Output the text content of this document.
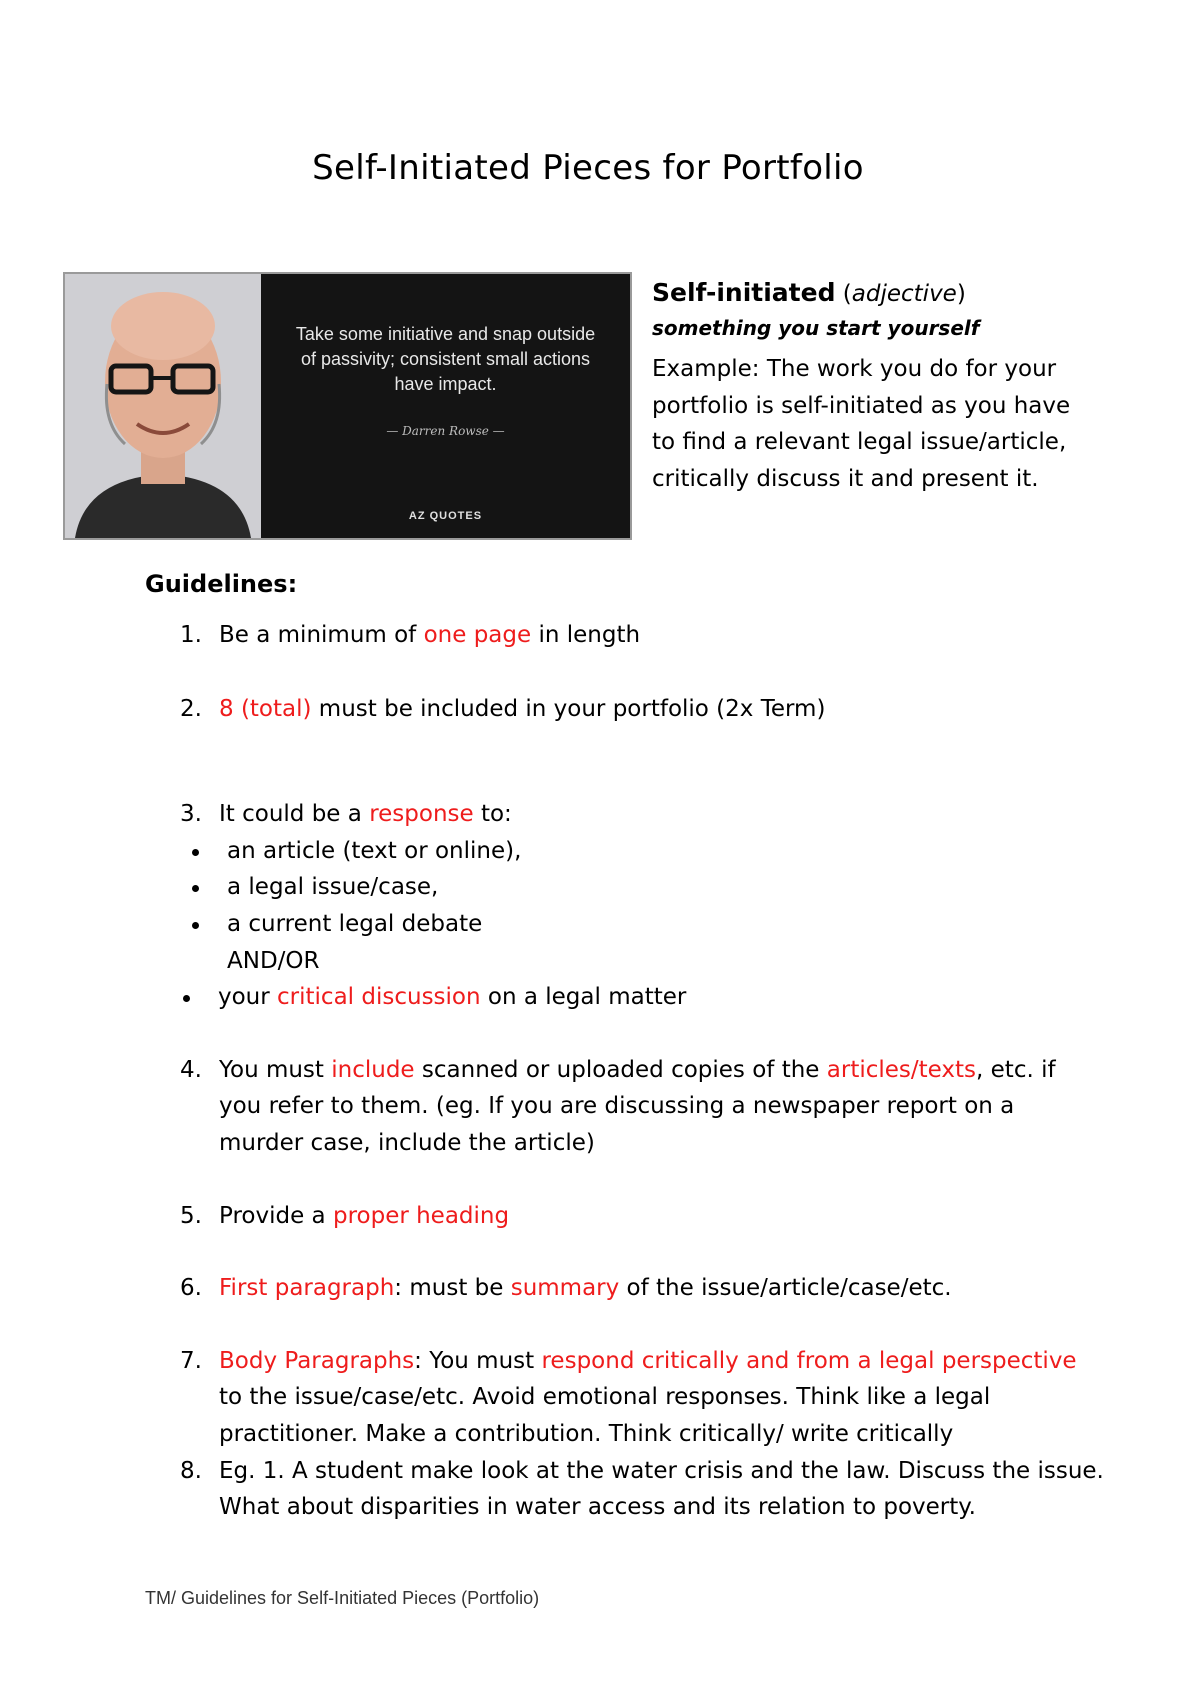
Self-Initiated Pieces for Portfolio
Take some initiative and snap outside of passivity; consistent small actions have impact.
— Darren Rowse —
AZ QUOTES
Self-initiated (adjective)
something you start yourself
Example: The work you do for your portfolio is self-initiated as you have to find a relevant legal issue/article, critically discuss it and present it.
Guidelines:
1. Be a minimum of one page in length
2. 8 (total) must be included in your portfolio (2x Term)
3. It could be a response to:
an article (text or online),
a legal issue/case,
a current legal debate
AND/OR
your critical discussion on a legal matter
4. You must include scanned or uploaded copies of the articles/texts, etc. if you refer to them. (eg. If you are discussing a newspaper report on a murder case, include the article)
5. Provide a proper heading
6. First paragraph: must be summary of the issue/article/case/etc.
7. Body Paragraphs: You must respond critically and from a legal perspective to the issue/case/etc. Avoid emotional responses. Think like a legal practitioner. Make a contribution. Think critically/ write critically
8. Eg. 1. A student make look at the water crisis and the law. Discuss the issue. What about disparities in water access and its relation to poverty.
TM/ Guidelines for Self-Initiated Pieces (Portfolio)
